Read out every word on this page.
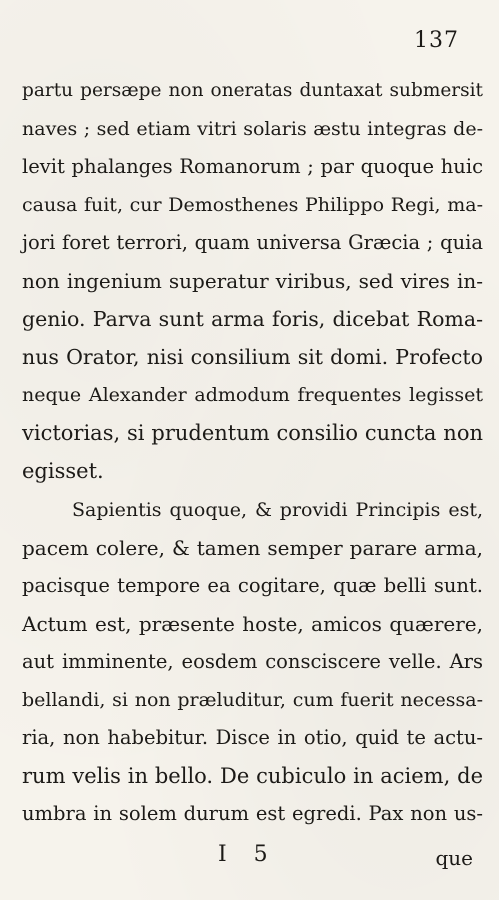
137
partu persæpe non oneratas duntaxat submersit
naves ; sed etiam vitri solaris æstu integras de-
levit phalanges Romanorum ; par quoque huic
causa fuit, cur Demosthenes Philippo Regi, ma-
jori foret terrori, quam universa Græcia ; quia
non ingenium superatur viribus, sed vires in-
genio. Parva sunt arma foris, dicebat Roma-
nus Orator, nisi consilium sit domi. Profecto
neque Alexander admodum frequentes legisset
victorias, si prudentum consilio cuncta non
egisset.
Sapientis quoque, & providi Principis est,
pacem colere, & tamen semper parare arma,
pacisque tempore ea cogitare, quæ belli sunt.
Actum est, præsente hoste, amicos quærere,
aut imminente, eosdem consciscere velle. Ars
bellandi, si non præluditur, cum fuerit necessa-
ria, non habebitur. Disce in otio, quid te actu-
rum velis in bello. De cubiculo in aciem, de
umbra in solem durum est egredi. Pax non us-
I 5	que
